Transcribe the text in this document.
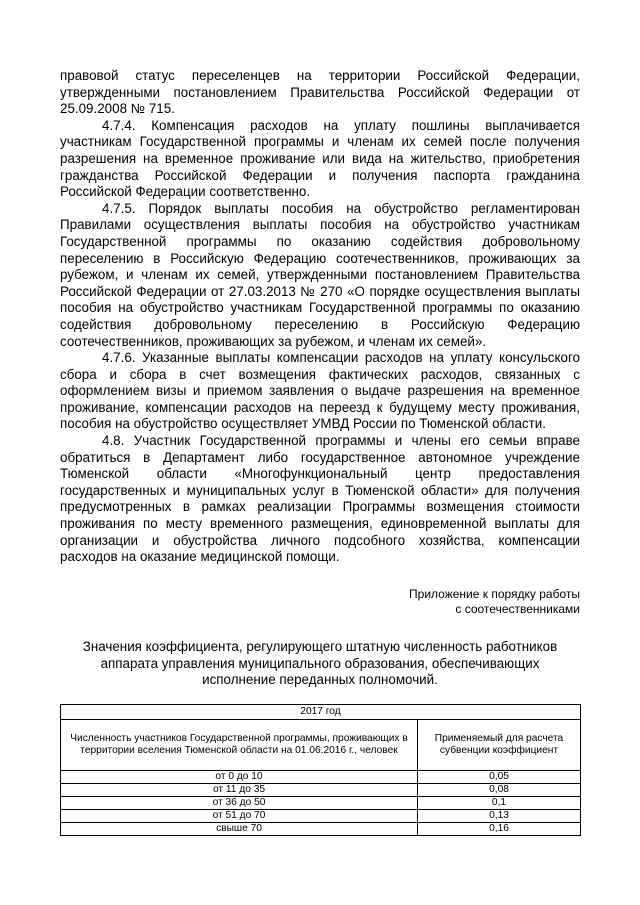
правовой статус переселенцев на территории Российской Федерации, утвержденными постановлением Правительства Российской Федерации от 25.09.2008 № 715.

4.7.4. Компенсация расходов на уплату пошлины выплачивается участникам Государственной программы и членам их семей после получения разрешения на временное проживание или вида на жительство, приобретения гражданства Российской Федерации и получения паспорта гражданина Российской Федерации соответственно.

4.7.5. Порядок выплаты пособия на обустройство регламентирован Правилами осуществления выплаты пособия на обустройство участникам Государственной программы по оказанию содействия добровольному переселению в Российскую Федерацию соотечественников, проживающих за рубежом, и членам их семей, утвержденными постановлением Правительства Российской Федерации от 27.03.2013 № 270 «О порядке осуществления выплаты пособия на обустройство участникам Государственной программы по оказанию содействия добровольному переселению в Российскую Федерацию соотечественников, проживающих за рубежом, и членам их семей».

4.7.6. Указанные выплаты компенсации расходов на уплату консульского сбора и сбора в счет возмещения фактических расходов, связанных с оформлением визы и приемом заявления о выдаче разрешения на временное проживание, компенсации расходов на переезд к будущему месту проживания, пособия на обустройство осуществляет УМВД России по Тюменской области.

4.8. Участник Государственной программы и члены его семьи вправе обратиться в Департамент либо государственное автономное учреждение Тюменской области «Многофункциональный центр предоставления государственных и муниципальных услуг в Тюменской области» для получения предусмотренных в рамках реализации Программы возмещения стоимости проживания по месту временного размещения, единовременной выплаты для организации и обустройства личного подсобного хозяйства, компенсации расходов на оказание медицинской помощи.

Приложение к порядку работы
с соотечественниками
Значения коэффициента, регулирующего штатную численность работников
аппарата управления муниципального образования, обеспечивающих
исполнение переданных полномочий.
2017 год	
Численность участников Государственной программы, проживающих в территории вселения Тюменской области на 01.06.2016 г., человек	Применяемый для расчета субвенции коэффициент
от 0 до 10	0,05
от 11 до 35	0,08
от 36 до 50	0,1
от 51 до 70	0,13
свыше 70	0,16
